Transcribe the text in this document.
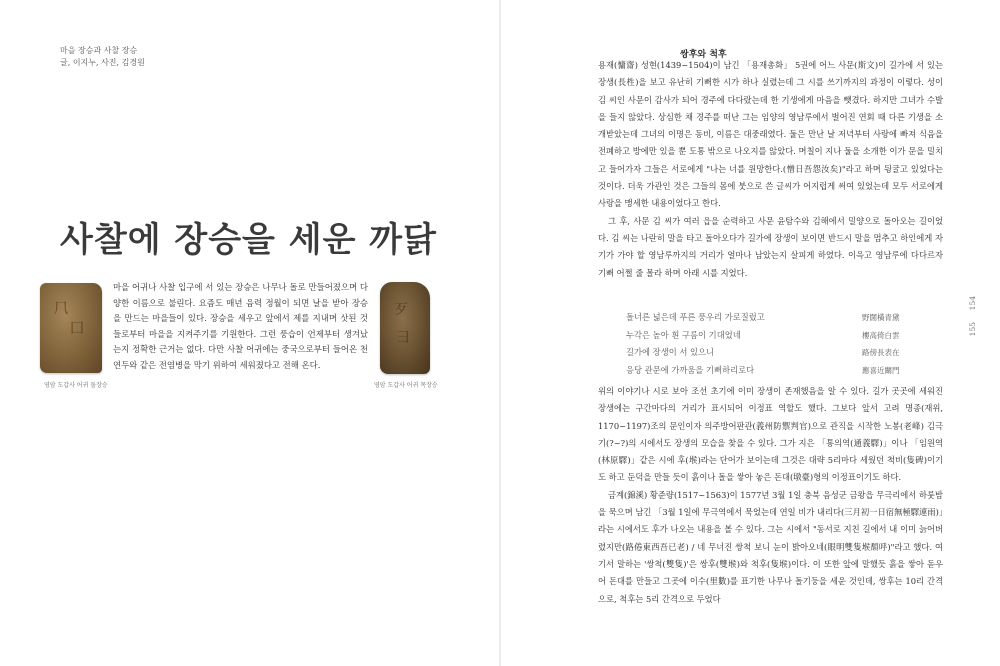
마을 장승과 사찰 장승
글, 이지누, 사진, 김경원
사찰에 장승을 세운 까닭
⺇
⼞
영암 도갑사 어귀 돌장승

마을 어귀나 사찰 입구에 서 있는 장승은 나무나 돌로 만들어졌으며 다양한 이름으로 불린다. 요즘도 매년 음력 정월이 되면 날을 받아 장승을 만드는 마을들이 있다. 장승을 세우고 앞에서 제를 지내며 삿된 것들로부터 마을을 지켜주기를 기원한다. 그런 풍습이 언제부터 생겨났는지 정확한 근거는 없다. 다만 사찰 어귀에는 중국으로부터 들어온 천연두와 같은 전염병을 막기 위하여 세워졌다고 전해 온다.

⽍
⺕
영암 도갑사 어귀 목장승
쌍후와 척후

용재(慵齋) 성현(1439~1504)이 남긴 「용재총화」 5권에 어느 사문(斯文)이 길가에 서 있는 장생(長栍)을 보고 유난히 기뻐한 시가 하나 실렸는데 그 시를 쓰기까지의 과정이 이렇다. 성이 김 씨인 사문이 감사가 되어 경주에 다다랐는데 한 기생에게 마음을 뺏겼다. 하지만 그녀가 수발을 들지 않았다. 상심한 채 경주를 떠난 그는 임양의 영남루에서 벌어진 연회 때 다른 기생을 소개받았는데 그녀의 이명은 동비, 이름은 대중래였다. 둘은 만난 날 저녁부터 사랑에 빠져 식음을 전폐하고 방에만 있을 뿐 도통 밖으로 나오지를 않았다. 며칠이 지나 둘을 소개한 이가 문을 밀치고 들어가자 그들은 서로에게 "나는 너를 원망한다.(憎日吾怨汝矣)"라고 하며 뒹굴고 있었다는 것이다. 더욱 가관인 것은 그들의 몸에 붓으로 쓴 글씨가 어지럽게 써여 있었는데 모두 서로에게 사랑을 맹세한 내용이었다고 한다.

그 후, 사문 김 씨가 여러 읍을 순력하고 사문 윤탐수와 김해에서 밀양으로 돌아오는 길이었다. 김 씨는 나란히 말을 타고 돌아오다가 길가에 장생이 보이면 반드시 말을 멈추고 하인에게 자기가 가야 할 영남루까지의 거리가 얼마나 남았는지 살피게 하였다. 이윽고 영남루에 다다르자 기뻐 어쩔 줄 몰라 하며 아래 시를 지었다.

돌너른 넓은데 푸른 풍우리 가로질렀고	野闊橫青黛
누각은 높아 흰 구름이 기대었네	樓高倚白雲
길가에 장생이 서 있으니	路傍長表在
응당 관문에 가까움을 기뻐하리로다	應喜近關門

위의 이야기나 시로 보아 조선 초기에 이미 장생이 존재했음을 알 수 있다. 길가 곳곳에 세워진 장생에는 구간마다의 거리가 표시되어 이정표 역할도 했다. 그보다 앞서 고려 명종(재위, 1170~1197)조의 문인이자 의주방어판관(義州防禦判官)으로 관직을 시작한 노봉(老峰) 김극기(?~?)의 시에서도 장생의 모습을 찾을 수 있다. 그가 지은 「통의역(通義驛)」이나 「임원역(林原驛)」같은 시에 후(堠)라는 단어가 보이는데 그것은 대략 5리마다 세웠던 척비(隻碑)이기도 하고 둔덕을 만들 듯이 흙이나 돌을 쌓아 놓은 돈대(墩臺)형의 이정표이기도 하다.

금계(錦溪) 황준량(1517~1563)이 1577년 3월 1일 충북 음성군 금왕읍 무극리에서 하룻밤을 묵으며 남긴 「3월 1일에 무극역에서 묵었는데 연일 비가 내리다(三月初一日宿無極驛連雨)」라는 시에서도 후가 나오는 내용을 볼 수 있다. 그는 시에서 "동서로 지친 길에서 내 이미 늙어버렸지만(路倦東西吾已老) / 네 무너진 쌍척 보니 눈이 밝아오네(眼明雙隻堠頹呼)"라고 했다. 여기서 말하는 '쌍척(雙隻)'은 쌍후(雙堠)와 척후(隻堠)이다. 이 또한 앞에 말했듯 흙을 쌓아 돋우어 돈대를 만들고 그곳에 이수(里數)를 표기한 나무나 돌기둥을 세운 것인데, 쌍후는 10리 간격으로, 척후는 5리 간격으로 두었다

154
155
